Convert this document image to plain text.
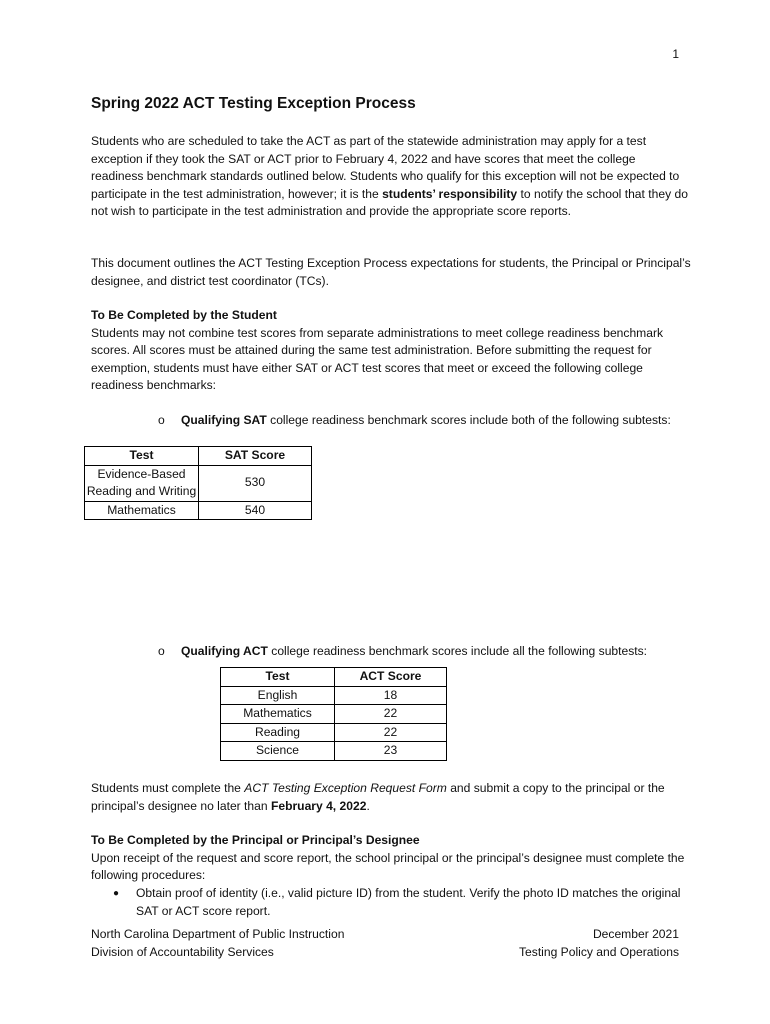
1
Spring 2022 ACT Testing Exception Process

Students who are scheduled to take the ACT as part of the statewide administration may apply for a test exception if they took the SAT or ACT prior to February 4, 2022 and have scores that meet the college readiness benchmark standards outlined below. Students who qualify for this exception will not be expected to participate in the test administration, however; it is the students’ responsibility to notify the school that they do not wish to participate in the test administration and provide the appropriate score reports.

This document outlines the ACT Testing Exception Process expectations for students, the Principal or Principal’s designee, and district test coordinator (TCs).

To Be Completed by the Student
Students may not combine test scores from separate administrations to meet college readiness benchmark scores. All scores must be attained during the same test administration. Before submitting the request for exemption, students must have either SAT or ACT test scores that meet or exceed the following college readiness benchmarks:
o Qualifying SAT college readiness benchmark scores include both of the following subtests:
Test	SAT Score
Evidence-Based Reading and Writing	530
Mathematics	540
o Qualifying ACT college readiness benchmark scores include all the following subtests:
Test	ACT Score
English	18
Mathematics	22
Reading	22
Science	23

Students must complete the ACT Testing Exception Request Form and submit a copy to the principal or the principal’s designee no later than February 4, 2022.

To Be Completed by the Principal or Principal’s Designee
Upon receipt of the request and score report, the school principal or the principal’s designee must complete the following procedures:
● Obtain proof of identity (i.e., valid picture ID) from the student. Verify the photo ID matches the original SAT or ACT score report.
North Carolina Department of Public Instruction
Division of Accountability Services
December 2021
Testing Policy and Operations
